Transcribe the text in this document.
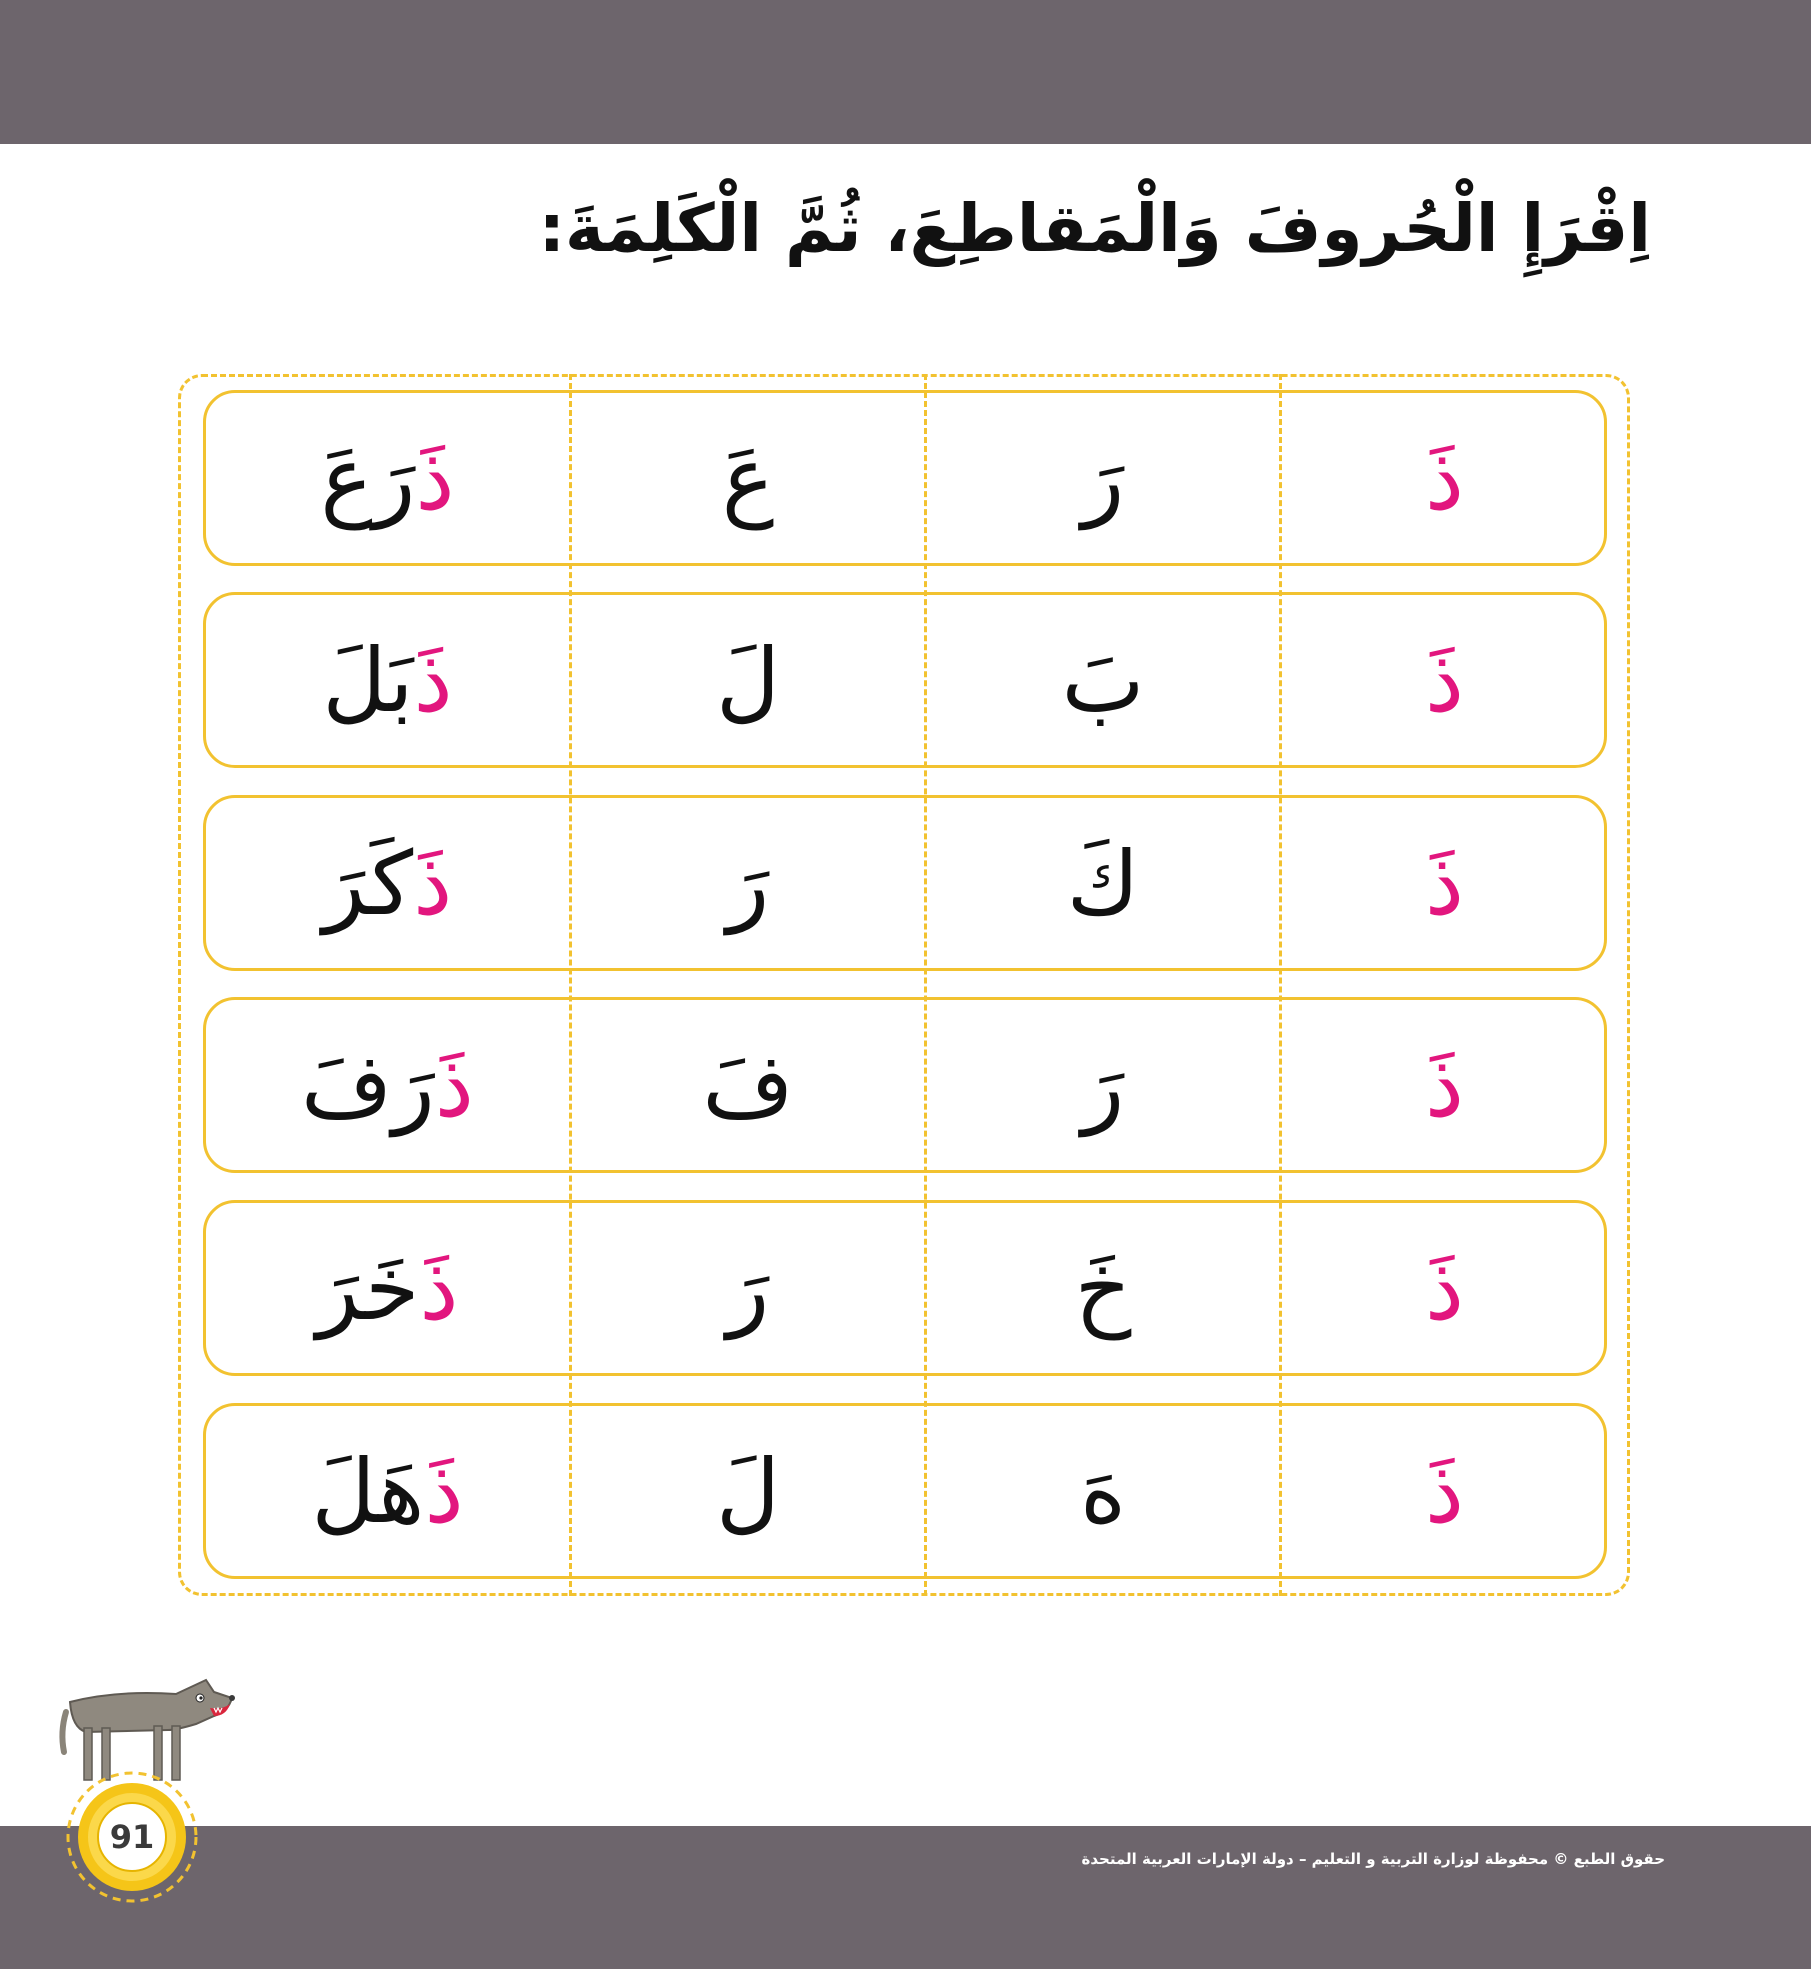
اِقْرَإِ الْحُروفَ وَالْمَقاطِعَ، ثُمَّ الْكَلِمَةَ:
ذَ
رَ
عَ
ذَرَعَ
ذَ
بَ
لَ
ذَبَلَ
ذَ
كَ
رَ
ذَكَرَ
ذَ
رَ
فَ
ذَرَفَ
ذَ
خَ
رَ
ذَخَرَ
ذَ
هَ
لَ
ذَهَلَ
91
حقوق الطبع © محفوظة لوزارة التربية و التعليم – دولة الإمارات العربية المتحدة
